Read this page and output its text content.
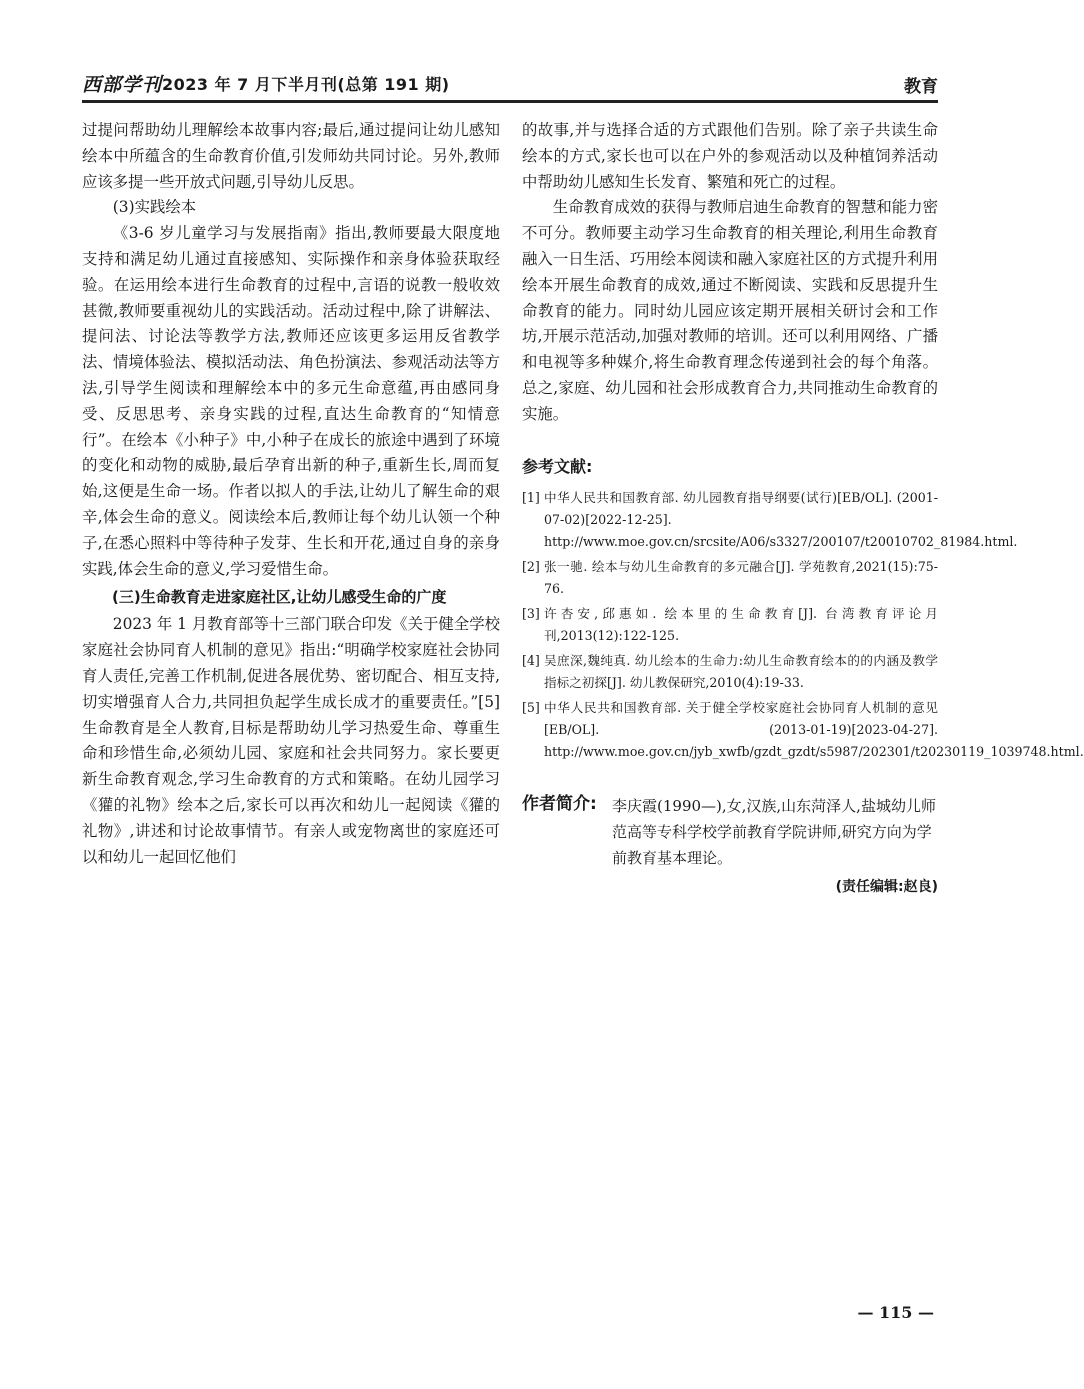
西部学刊 2023 年 7 月下半月刊(总第 191 期)	教育

过提问帮助幼儿理解绘本故事内容;最后,通过提问让幼儿感知绘本中所蕴含的生命教育价值,引发师幼共同讨论。另外,教师应该多提一些开放式问题,引导幼儿反思。

(3)实践绘本

《3-6 岁儿童学习与发展指南》指出,教师要最大限度地支持和满足幼儿通过直接感知、实际操作和亲身体验获取经验。在运用绘本进行生命教育的过程中,言语的说教一般收效甚微,教师要重视幼儿的实践活动。活动过程中,除了讲解法、提问法、讨论法等教学方法,教师还应该更多运用反省教学法、情境体验法、模拟活动法、角色扮演法、参观活动法等方法,引导学生阅读和理解绘本中的多元生命意蕴,再由感同身受、反思思考、亲身实践的过程,直达生命教育的“知情意行”。在绘本《小种子》中,小种子在成长的旅途中遇到了环境的变化和动物的威胁,最后孕育出新的种子,重新生长,周而复始,这便是生命一场。作者以拟人的手法,让幼儿了解生命的艰辛,体会生命的意义。阅读绘本后,教师让每个幼儿认领一个种子,在悉心照料中等待种子发芽、生长和开花,通过自身的亲身实践,体会生命的意义,学习爱惜生命。

(三)生命教育走进家庭社区,让幼儿感受生命的广度

2023 年 1 月教育部等十三部门联合印发《关于健全学校家庭社会协同育人机制的意见》指出:“明确学校家庭社会协同育人责任,完善工作机制,促进各展优势、密切配合、相互支持,切实增强育人合力,共同担负起学生成长成才的重要责任。”[5]生命教育是全人教育,目标是帮助幼儿学习热爱生命、尊重生命和珍惜生命,必须幼儿园、家庭和社会共同努力。家长要更新生命教育观念,学习生命教育的方式和策略。在幼儿园学习《獾的礼物》绘本之后,家长可以再次和幼儿一起阅读《獾的礼物》,讲述和讨论故事情节。有亲人或宠物离世的家庭还可以和幼儿一起回忆他们

的故事,并与选择合适的方式跟他们告别。除了亲子共读生命绘本的方式,家长也可以在户外的参观活动以及种植饲养活动中帮助幼儿感知生长发育、繁殖和死亡的过程。

生命教育成效的获得与教师启迪生命教育的智慧和能力密不可分。教师要主动学习生命教育的相关理论,利用生命教育融入一日生活、巧用绘本阅读和融入家庭社区的方式提升利用绘本开展生命教育的成效,通过不断阅读、实践和反思提升生命教育的能力。同时幼儿园应该定期开展相关研讨会和工作坊,开展示范活动,加强对教师的培训。还可以利用网络、广播和电视等多种媒介,将生命教育理念传递到社会的每个角落。总之,家庭、幼儿园和社会形成教育合力,共同推动生命教育的实施。

参考文献:
[1] 中华人民共和国教育部. 幼儿园教育指导纲要(试行)[EB/OL]. (2001-07-02)[2022-12-25]. http://www.moe.gov.cn/srcsite/A06/s3327/200107/t20010702_81984.html.
[2] 张一驰. 绘本与幼儿生命教育的多元融合[J]. 学苑教育,2021(15):75-76.
[3] 许杏安,邱惠如. 绘本里的生命教育[J]. 台湾教育评论月刊,2013(12):122-125.
[4] 吴庶深,魏纯真. 幼儿绘本的生命力:幼儿生命教育绘本的的内涵及教学指标之初探[J]. 幼儿教保研究,2010(4):19-33.
[5] 中华人民共和国教育部. 关于健全学校家庭社会协同育人机制的意见[EB/OL]. (2013-01-19)[2023-04-27]. http://www.moe.gov.cn/jyb_xwfb/gzdt_gzdt/s5987/202301/t20230119_1039748.html.
作者简介: 李庆霞(1990—),女,汉族,山东菏泽人,盐城幼儿师范高等专科学校学前教育学院讲师,研究方向为学前教育基本理论。
(责任编辑:赵良)
— 115 —
